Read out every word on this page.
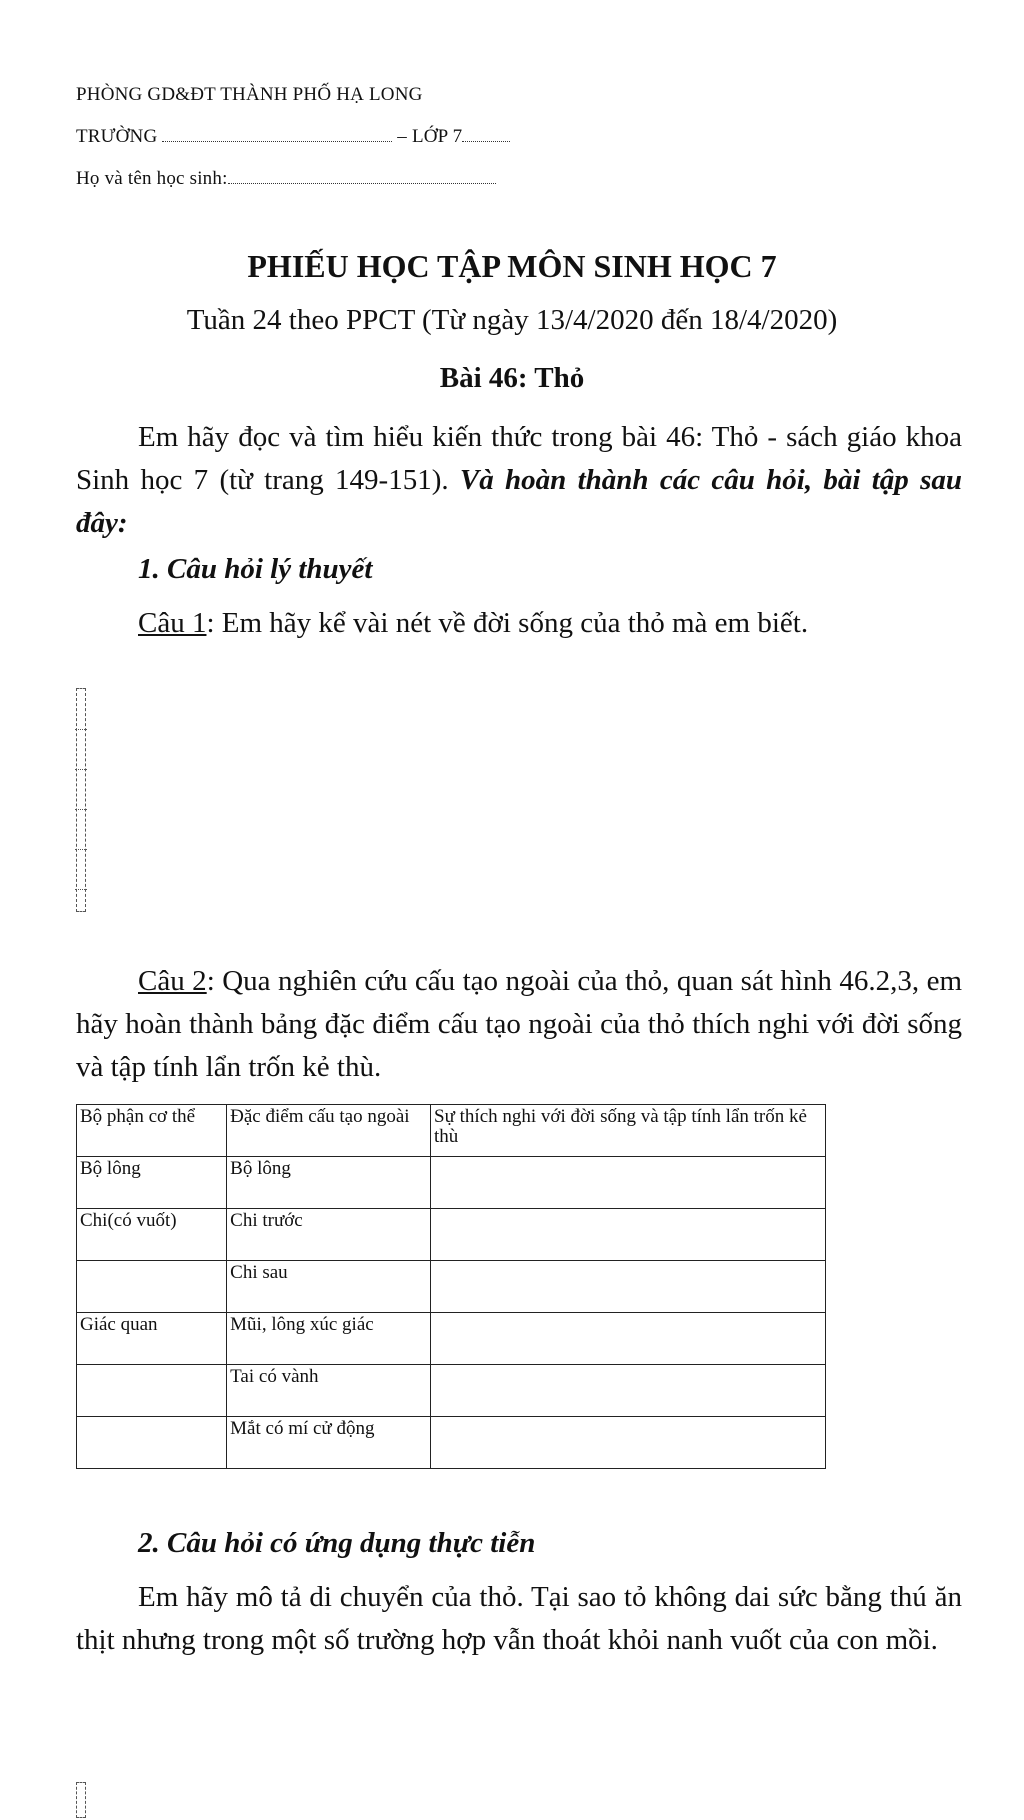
PHÒNG GD&ĐT THÀNH PHỐ HẠ LONG
TRƯỜNG	– LỚP 7
Họ và tên học sinh:
PHIẾU HỌC TẬP MÔN SINH HỌC 7
Tuần 24 theo PPCT (Từ ngày 13/4/2020 đến 18/4/2020)
Bài 46: Thỏ
Em hãy đọc và tìm hiểu kiến thức trong bài 46: Thỏ - sách giáo khoa Sinh học 7 (từ trang 149-151). Và hoàn thành các câu hỏi, bài tập sau đây:
1. Câu hỏi lý thuyết
Câu 1: Em hãy kể vài nét về đời sống của thỏ mà em biết.
Câu 2: Qua nghiên cứu cấu tạo ngoài của thỏ, quan sát hình 46.2,3, em hãy hoàn thành bảng đặc điểm cấu tạo ngoài của thỏ thích nghi với đời sống và tập tính lẩn trốn kẻ thù.
Bộ phận cơ thể	Đặc điểm cấu tạo ngoài	Sự thích nghi với đời sống và tập tính lẩn trốn kẻ thù
Bộ lông	Bộ lông	
Chi(có vuốt)	Chi trước	
	Chi sau	
Giác quan	Mũi, lông xúc giác	
	Tai có vành	
	Mắt có mí cử động	
2. Câu hỏi có ứng dụng thực tiễn
Em hãy mô tả di chuyển của thỏ. Tại sao tỏ không dai sức bằng thú ăn thịt nhưng trong một số trường hợp vẫn thoát khỏi nanh vuốt của con mồi.
